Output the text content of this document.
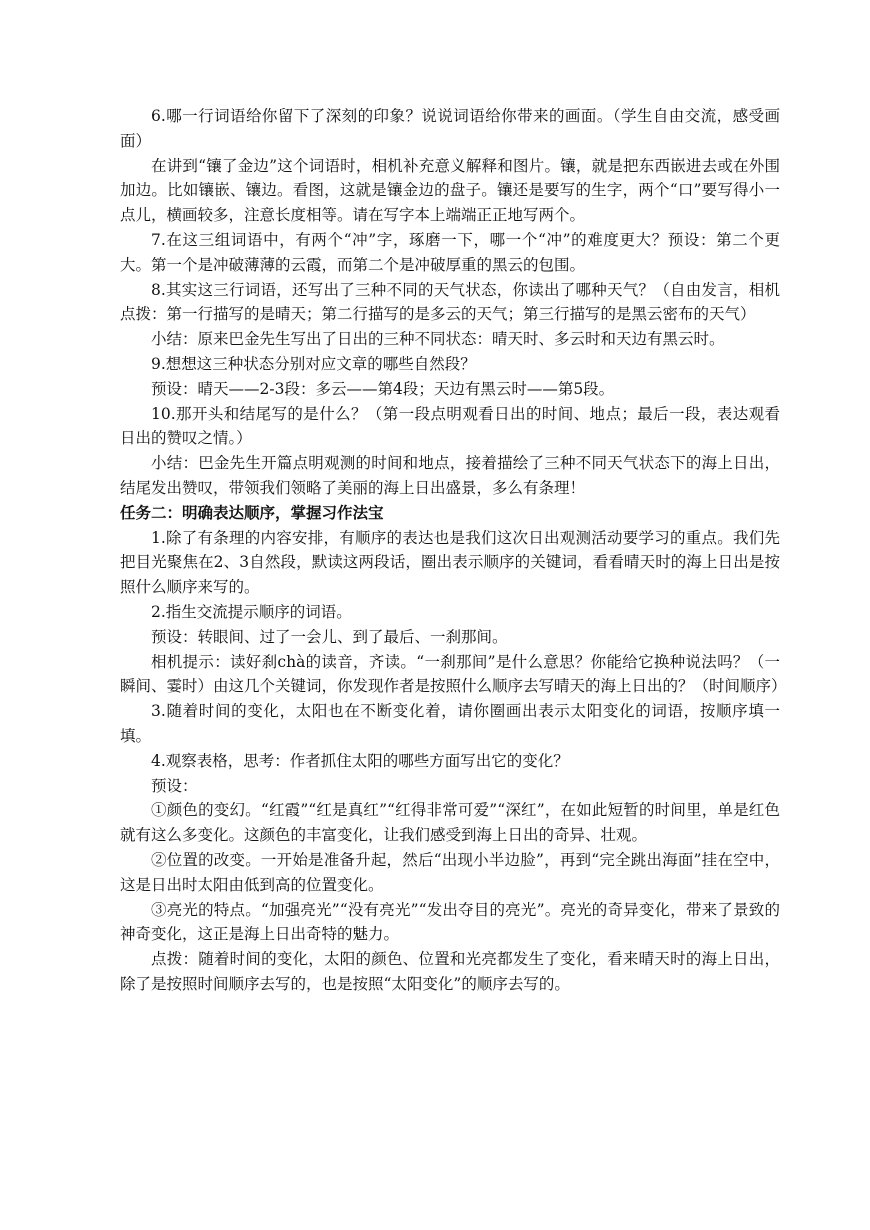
6.哪一行词语给你留下了深刻的印象？说说词语给你带来的画面。（学生自由交流，感受画面）

在讲到“镶了金边”这个词语时，相机补充意义解释和图片。镶，就是把东西嵌进去或在外围加边。比如镶嵌、镶边。看图，这就是镶金边的盘子。镶还是要写的生字，两个“口”要写得小一点儿，横画较多，注意长度相等。请在写字本上端端正正地写两个。

7.在这三组词语中，有两个“冲”字，琢磨一下，哪一个“冲”的难度更大？预设：第二个更大。第一个是冲破薄薄的云霞，而第二个是冲破厚重的黑云的包围。

8.其实这三行词语，还写出了三种不同的天气状态，你读出了哪种天气？（自由发言，相机点拨：第一行描写的是晴天；第二行描写的是多云的天气；第三行描写的是黑云密布的天气）

小结：原来巴金先生写出了日出的三种不同状态：晴天时、多云时和天边有黑云时。

9.想想这三种状态分别对应文章的哪些自然段？

预设：晴天——2-3段：多云——第4段；天边有黑云时——第5段。

10.那开头和结尾写的是什么？（第一段点明观看日出的时间、地点；最后一段，表达观看日出的赞叹之情。）

小结：巴金先生开篇点明观测的时间和地点，接着描绘了三种不同天气状态下的海上日出，结尾发出赞叹，带领我们领略了美丽的海上日出盛景，多么有条理！

任务二：明确表达顺序，掌握习作法宝

1.除了有条理的内容安排，有顺序的表达也是我们这次日出观测活动要学习的重点。我们先把目光聚焦在2、3自然段，默读这两段话，圈出表示顺序的关键词，看看晴天时的海上日出是按照什么顺序来写的。

2.指生交流提示顺序的词语。

预设：转眼间、过了一会儿、到了最后、一刹那间。

相机提示：读好刹chà的读音，齐读。“一刹那间”是什么意思？你能给它换种说法吗？（一瞬间、霎时）由这几个关键词，你发现作者是按照什么顺序去写晴天的海上日出的？（时间顺序）

3.随着时间的变化，太阳也在不断变化着，请你圈画出表示太阳变化的词语，按顺序填一填。

4.观察表格，思考：作者抓住太阳的哪些方面写出它的变化？

预设：

①颜色的变幻。“红霞”“红是真红”“红得非常可爱”“深红”，在如此短暂的时间里，单是红色就有这么多变化。这颜色的丰富变化，让我们感受到海上日出的奇异、壮观。

②位置的改变。一开始是准备升起，然后“出现小半边脸”，再到“完全跳出海面”挂在空中，这是日出时太阳由低到高的位置变化。

③亮光的特点。“加强亮光”“没有亮光”“发出夺目的亮光”。亮光的奇异变化，带来了景致的神奇变化，这正是海上日出奇特的魅力。

点拨：随着时间的变化，太阳的颜色、位置和光亮都发生了变化，看来晴天时的海上日出，除了是按照时间顺序去写的，也是按照“太阳变化”的顺序去写的。
